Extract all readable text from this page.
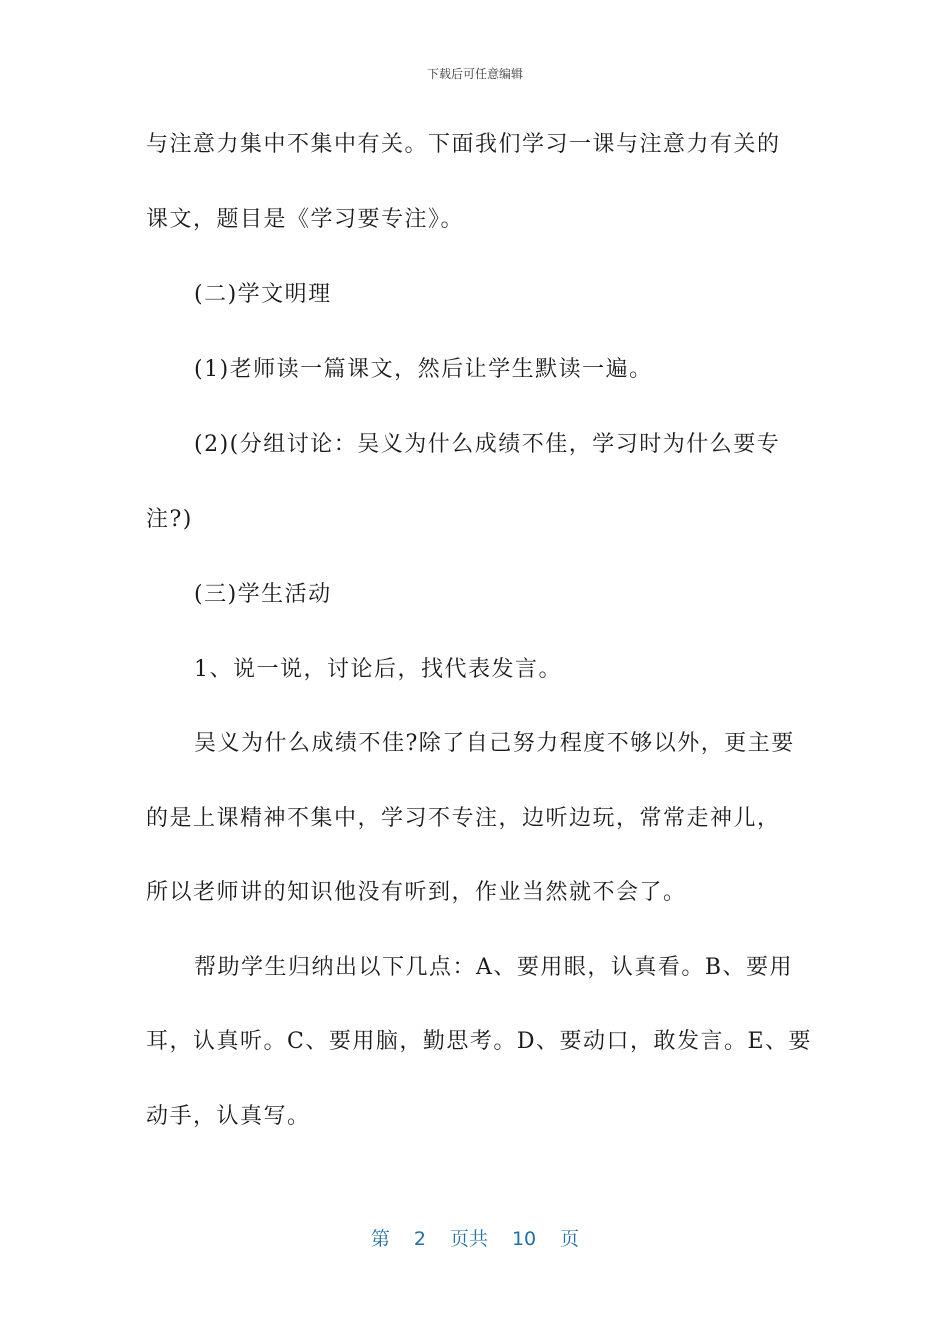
下载后可任意编辑
与注意力集中不集中有关。下面我们学习一课与注意力有关的
课文，题目是《学习要专注》。
(二)学文明理
(1)老师读一篇课文，然后让学生默读一遍。
(2)(分组讨论：吴义为什么成绩不佳，学习时为什么要专
注?)
(三)学生活动
1、说一说，讨论后，找代表发言。
吴义为什么成绩不佳?除了自己努力程度不够以外，更主要
的是上课精神不集中，学习不专注，边听边玩，常常走神儿，
所以老师讲的知识他没有听到，作业当然就不会了。
帮助学生归纳出以下几点：A、要用眼，认真看。B、要用
耳，认真听。C、要用脑，勤思考。D、要动口，敢发言。E、要
动手，认真写。
第 2 页共 10 页
